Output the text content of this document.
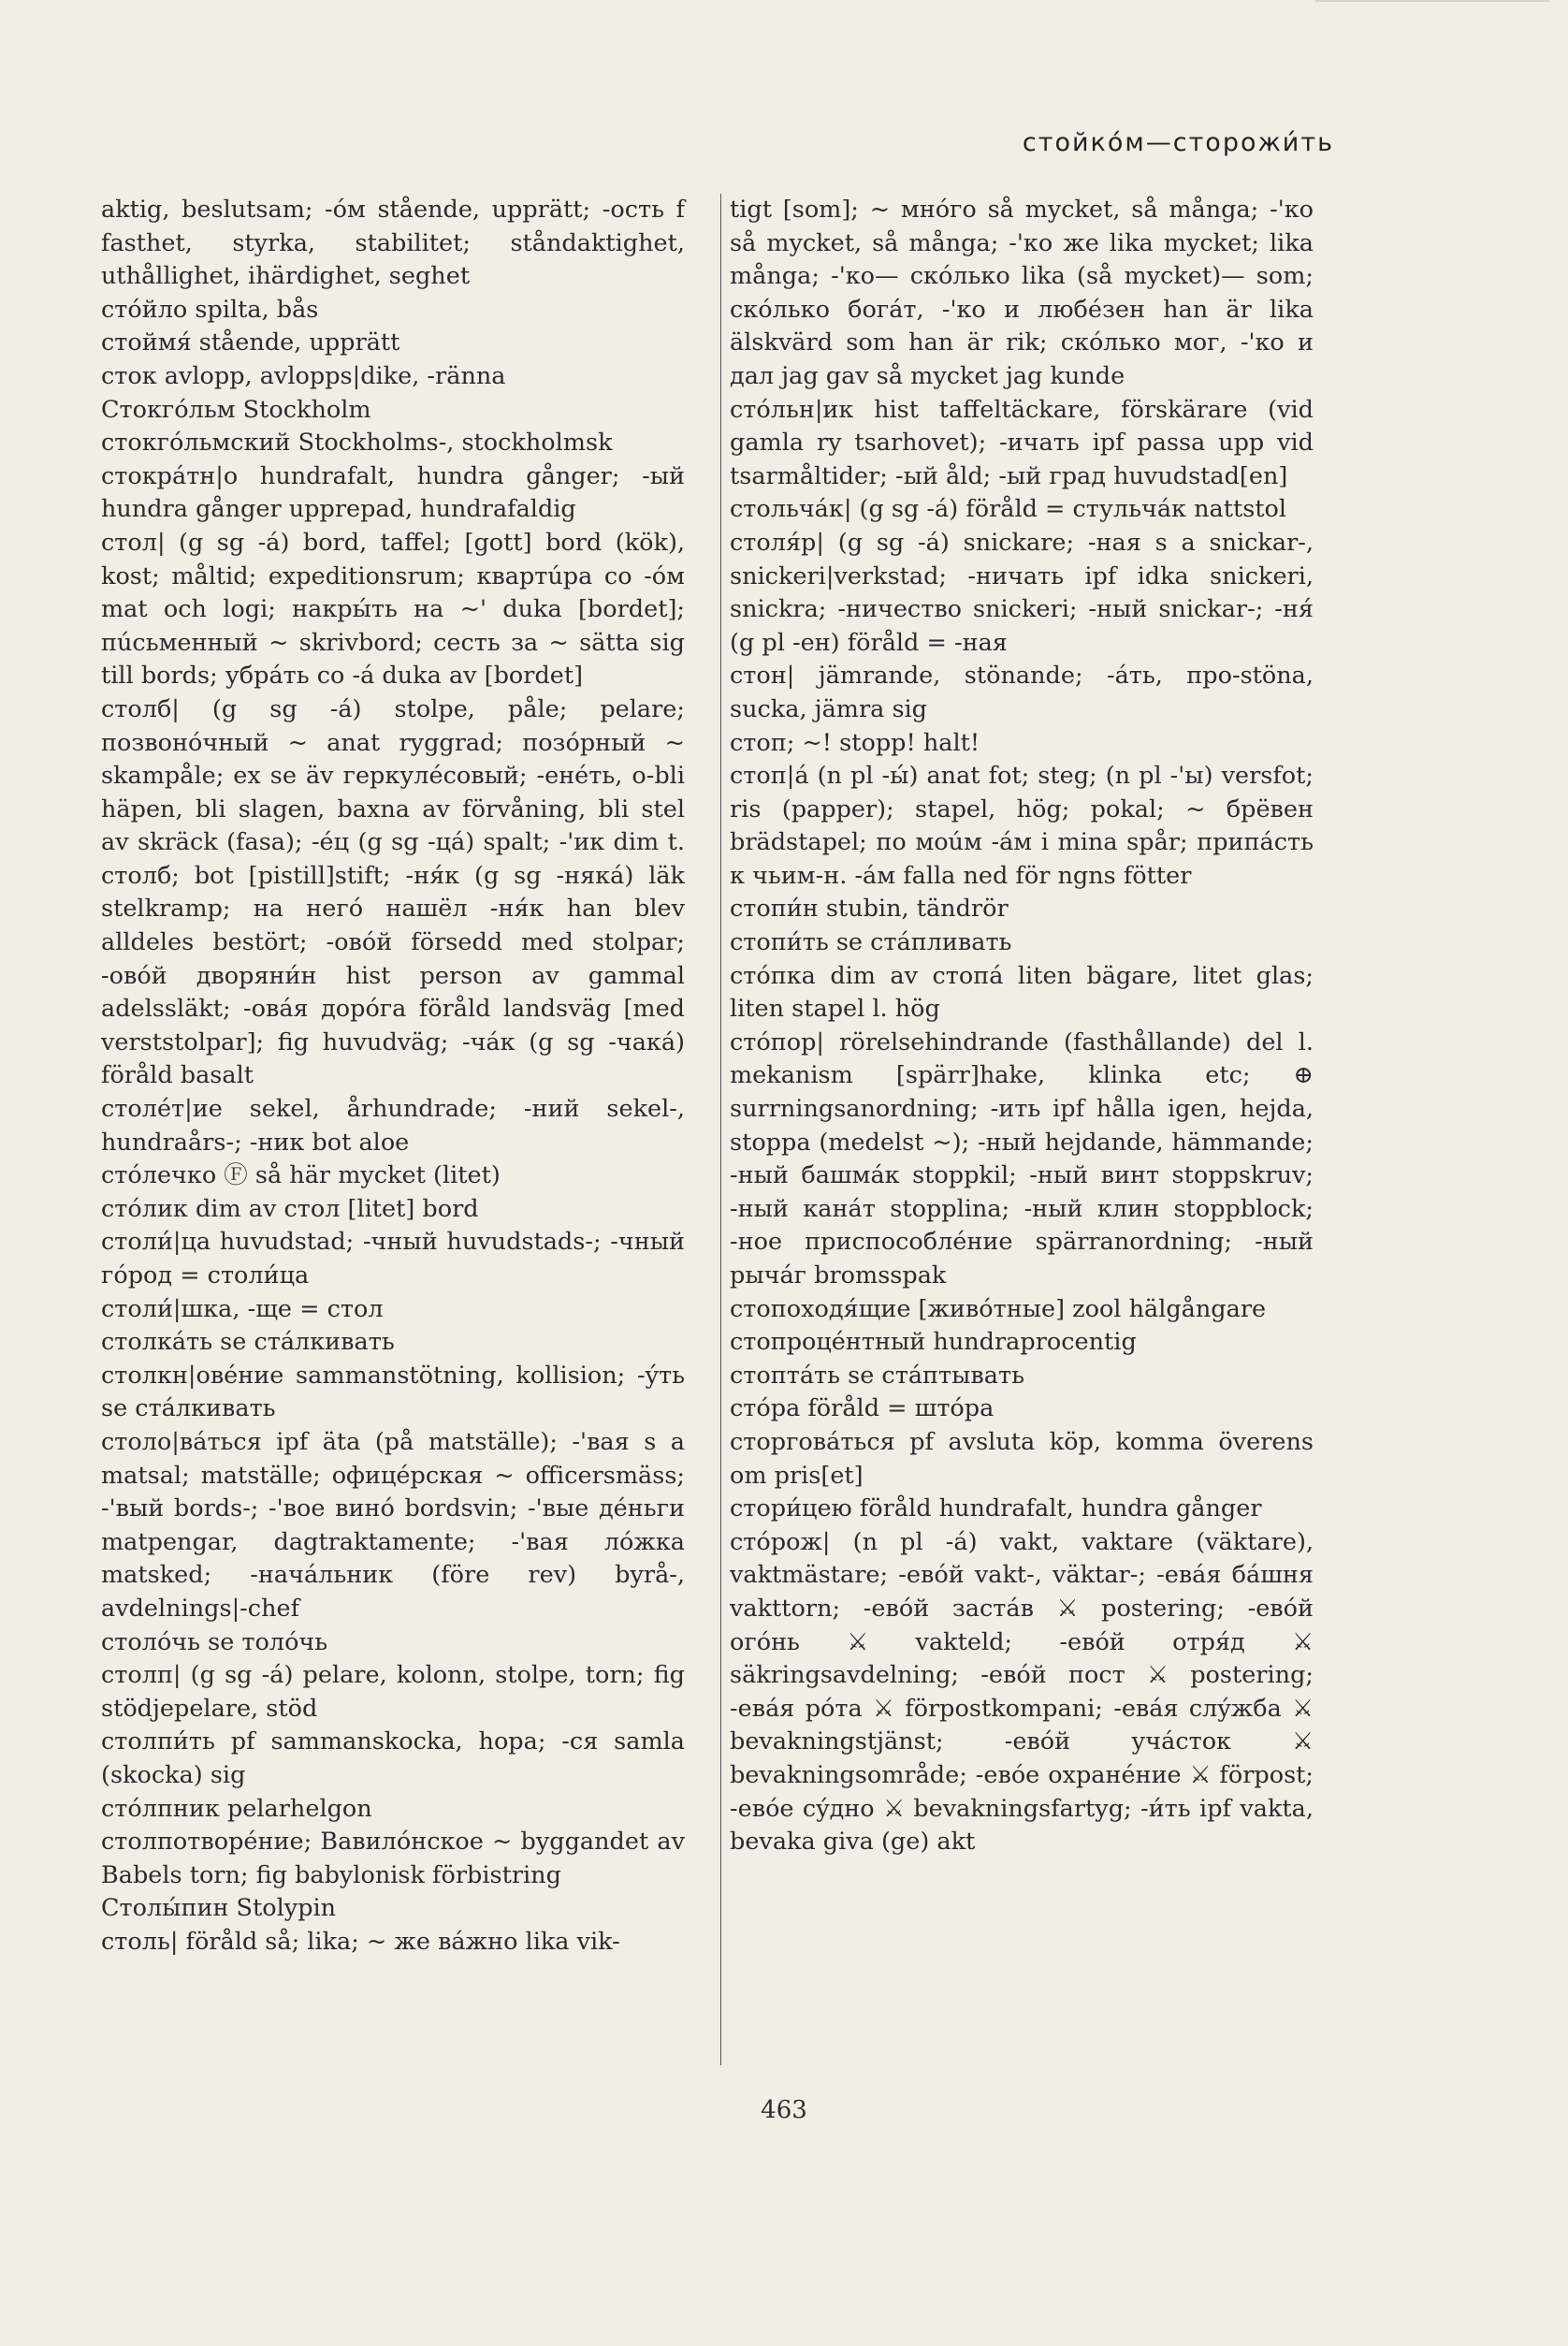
стойкóм—сторожи́ть

aktig, beslutsam; -óм stående, upprätt; -ость f fasthet, styrka, stabilitet; ståndaktighet, uthållighet, ihärdighet, seghet

сто́йло spilta, bås

стоймя́ stående, upprätt

сток avlopp, avlopps|dike, -ränna

Стокгóльм Stockholm

стокгóльмский Stockholms-, stockholmsk

стокрáтн|о hundrafalt, hundra gånger; -ый hundra gånger upprepad, hundrafaldig

стол| (g sg -á) bord, taffel; [gott] bord (kök), kost; måltid; expeditionsrum; квартúра со -óм mat och logi; накры́ть на ~' duka [bordet]; пúсьменный ~ skrivbord; сесть за ~ sätta sig till bords; убрáть со -á duka av [bordet]

столб| (g sg -á) stolpe, påle; pelare; позвонóчный ~ anat ryggrad; позóрный ~ skampåle; ex se äv геркулéсовый; -енéть, o-bli häpen, bli slagen, baxna av förvåning, bli stel av skräck (fasa); -éц (g sg -цá) spalt; -'ик dim t. столб; bot [pistill]stift; -ня́к (g sg -някá) läk stelkramp; на негó нашёл -ня́к han blev alldeles bestört; -oвóй försedd med stolpar; -овóй дворяни́н hist person av gammal adelssläkt; -овáя дорóга föråld landsväg [med verststolpar]; fig huvudväg; -чáк (g sg -чакá) föråld basalt

столéт|ие sekel, århundrade; -ний sekel-, hundraårs-; -ник bot aloe

стóлечко Ⓕ så här mycket (litet)

стóлик dim av стол [litet] bord

столи́|ца huvudstad; -чный huvudstads-; -чный гóрод = столи́ца

столи́|шка, -ще = стол

столкáть se стáлкивать

столкн|овéние sammanstötning, kollision; -ýть se стáлкивать

столо|вáться ipf äta (på matställe); -'вая s a matsal; matställe; офицéрская ~ officersmäss; -'вый bords-; -'вое винó bordsvin; -'вые дéньги matpengar, dagtraktamente; -'вая лóжка matsked; -начáльник (före rev) byrå-, avdelnings|-chef

столóчь se толóчь

столп| (g sg -á) pelare, kolonn, stolpe, torn; fig stödjepelare, stöd

столпи́ть pf sammanskocka, hopa; -ся samla (skocka) sig

стóлпник pelarhelgon

столпотворéние; Вавилóнское ~ byggandet av Babels torn; fig babylonisk förbistring

Столы́пин Stolypin

столь| föråld så; lika; ~ же вáжно lika vik-

tigt [som]; ~ мнóго så mycket, så många; -'ко så mycket, så många; -'ко же lika mycket; lika många; -'ко— скóлько lika (så mycket)— som; скóлько богáт, -'ко и любéзен han är lika älskvärd som han är rik; скóлько мог, -'ко и дал jag gav så mycket jag kunde

стóльн|ик hist taffeltäckare, förskärare (vid gamla ry tsarhovet); -ичать ipf passa upp vid tsarmåltider; -ый åld; -ый град huvudstad[en]

стольчáк| (g sg -á) föråld = стульчáк nattstol

столя́р| (g sg -á) snickare; -ная s a snickar-, snickeri|verkstad; -ничать ipf idka snickeri, snickra; -ничество snickeri; -ный snickar-; -ня́ (g pl -ен) föråld = -ная

стон| jämrande, stönande; -áть, про-stöna, sucka, jämra sig

стоп; ~! stopp! halt!

стоп|á (n pl -ы́) anat fot; steg; (n pl -'ы) versfot; ris (papper); stapel, hög; pokal; ~ брёвен brädstapel; по моúм -áм i mina spår; припáсть к чьим-н. -áм falla ned för ngns fötter

стопи́н stubin, tändrör

стопи́ть se стáпливать

стóпка dim av стопá liten bägare, litet glas; liten stapel l. hög

стóпор| rörelsehindrande (fasthållande) del l. mekanism [spärr]hake, klinka etc; ⊕ surrningsanordning; -ить ipf hålla igen, hejda, stoppa (medelst ~); -ный hejdande, hämmande; -ный башмáк stoppkil; -ный винт stoppskruv; -ный канáт stopplina; -ный клин stoppblock; -ное приспособлéние spärranordning; -ный рычáг bromsspak

стопоходя́щие [живóтные] zool hälgångare

стопроцéнтный hundraprocentig

стоптáть se стáптывать

стóра föråld = штóра

сторговáться pf avsluta köp, komma överens om pris[et]

стори́цею föråld hundrafalt, hundra gånger

стóрож| (n pl -á) vakt, vaktare (väktare), vaktmästare; -евóй vakt-, väktar-; -евáя бáшня vakttorn; -евóй застáв ⚔ postering; -евóй огóнь ⚔ vakteld; -евóй отря́д ⚔ säkringsavdelning; -евóй пост ⚔ postering; -евáя рóта ⚔ förpostkompani; -евáя слýжба ⚔ bevakningstjänst; -евóй учáсток ⚔ bevakningsområde; -евóе охранéние ⚔ förpost; -евóе сýдно ⚔ bevakningsfartyg; -и́ть ipf vakta, bevaka giva (ge) akt

463
